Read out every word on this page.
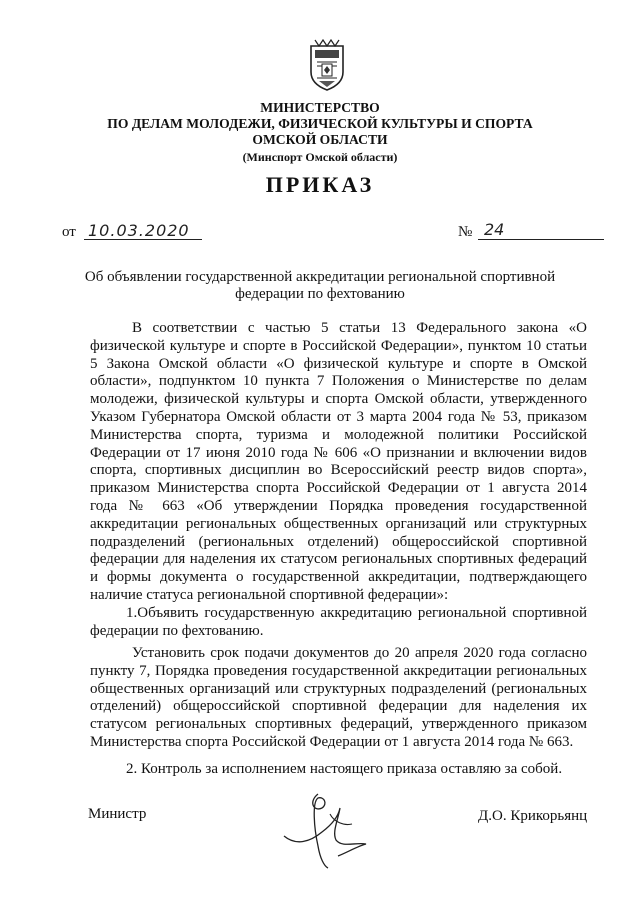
МИНИСТЕРСТВО
ПО ДЕЛАМ МОЛОДЕЖИ, ФИЗИЧЕСКОЙ КУЛЬТУРЫ И СПОРТА
ОМСКОЙ ОБЛАСТИ
(Минспорт Омской области)
ПРИКАЗ
от 10.03.2020	№ 24
Об объявлении государственной аккредитации региональной спортивной федерации по фехтованию
В соответствии с частью 5 статьи 13 Федерального закона «О физической культуре и спорте в Российской Федерации», пунктом 10 статьи 5 Закона Омской области «О физической культуре и спорте в Омской области», подпунктом 10 пункта 7 Положения о Министерстве по делам молодежи, физической культуры и спорта Омской области, утвержденного Указом Губернатора Омской области от 3 марта 2004 года № 53, приказом Министерства спорта, туризма и молодежной политики Российской Федерации от 17 июня 2010 года № 606 «О признании и включении видов спорта, спортивных дисциплин во Всероссийский реестр видов спорта», приказом Министерства спорта Российской Федерации от 1 августа 2014 года № 663 «Об утверждении Порядка проведения государственной аккредитации региональных общественных организаций или структурных подразделений (региональных отделений) общероссийской спортивной федерации для наделения их статусом региональных спортивных федераций и формы документа о государственной аккредитации, подтверждающего наличие статуса региональной спортивной федерации»:
1.Объявить государственную аккредитацию региональной спортивной федерации по фехтованию.
Установить срок подачи документов до 20 апреля 2020 года согласно пункту 7, Порядка проведения государственной аккредитации региональных общественных организаций или структурных подразделений (региональных отделений) общероссийской спортивной федерации для наделения их статусом региональных спортивных федераций, утвержденного приказом Министерства спорта Российской Федерации от 1 августа 2014 года № 663.
2. Контроль за исполнением настоящего приказа оставляю за собой.
Министр	Д.О. Крикорьянц
